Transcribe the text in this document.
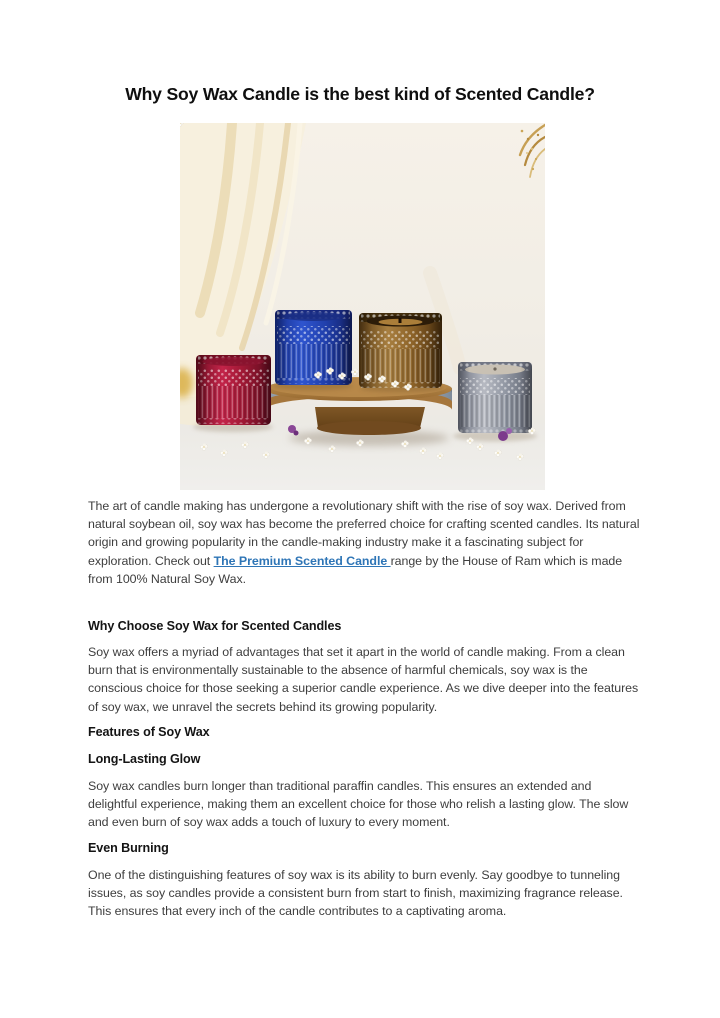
Why Soy Wax Candle is the best kind of Scented Candle?

The art of candle making has undergone a revolutionary shift with the rise of soy wax. Derived from natural soybean oil, soy wax has become the preferred choice for crafting scented candles. Its natural origin and growing popularity in the candle-making industry make it a fascinating subject for exploration. Check out The Premium Scented Candle range by the House of Ram which is made from 100% Natural Soy Wax.

Why Choose Soy Wax for Scented Candles

Soy wax offers a myriad of advantages that set it apart in the world of candle making. From a clean burn that is environmentally sustainable to the absence of harmful chemicals, soy wax is the conscious choice for those seeking a superior candle experience. As we dive deeper into the features of soy wax, we unravel the secrets behind its growing popularity.

Features of Soy Wax
Long-Lasting Glow

Soy wax candles burn longer than traditional paraffin candles. This ensures an extended and delightful experience, making them an excellent choice for those who relish a lasting glow. The slow and even burn of soy wax adds a touch of luxury to every moment.

Even Burning

One of the distinguishing features of soy wax is its ability to burn evenly. Say goodbye to tunneling issues, as soy candles provide a consistent burn from start to finish, maximizing fragrance release. This ensures that every inch of the candle contributes to a captivating aroma.
